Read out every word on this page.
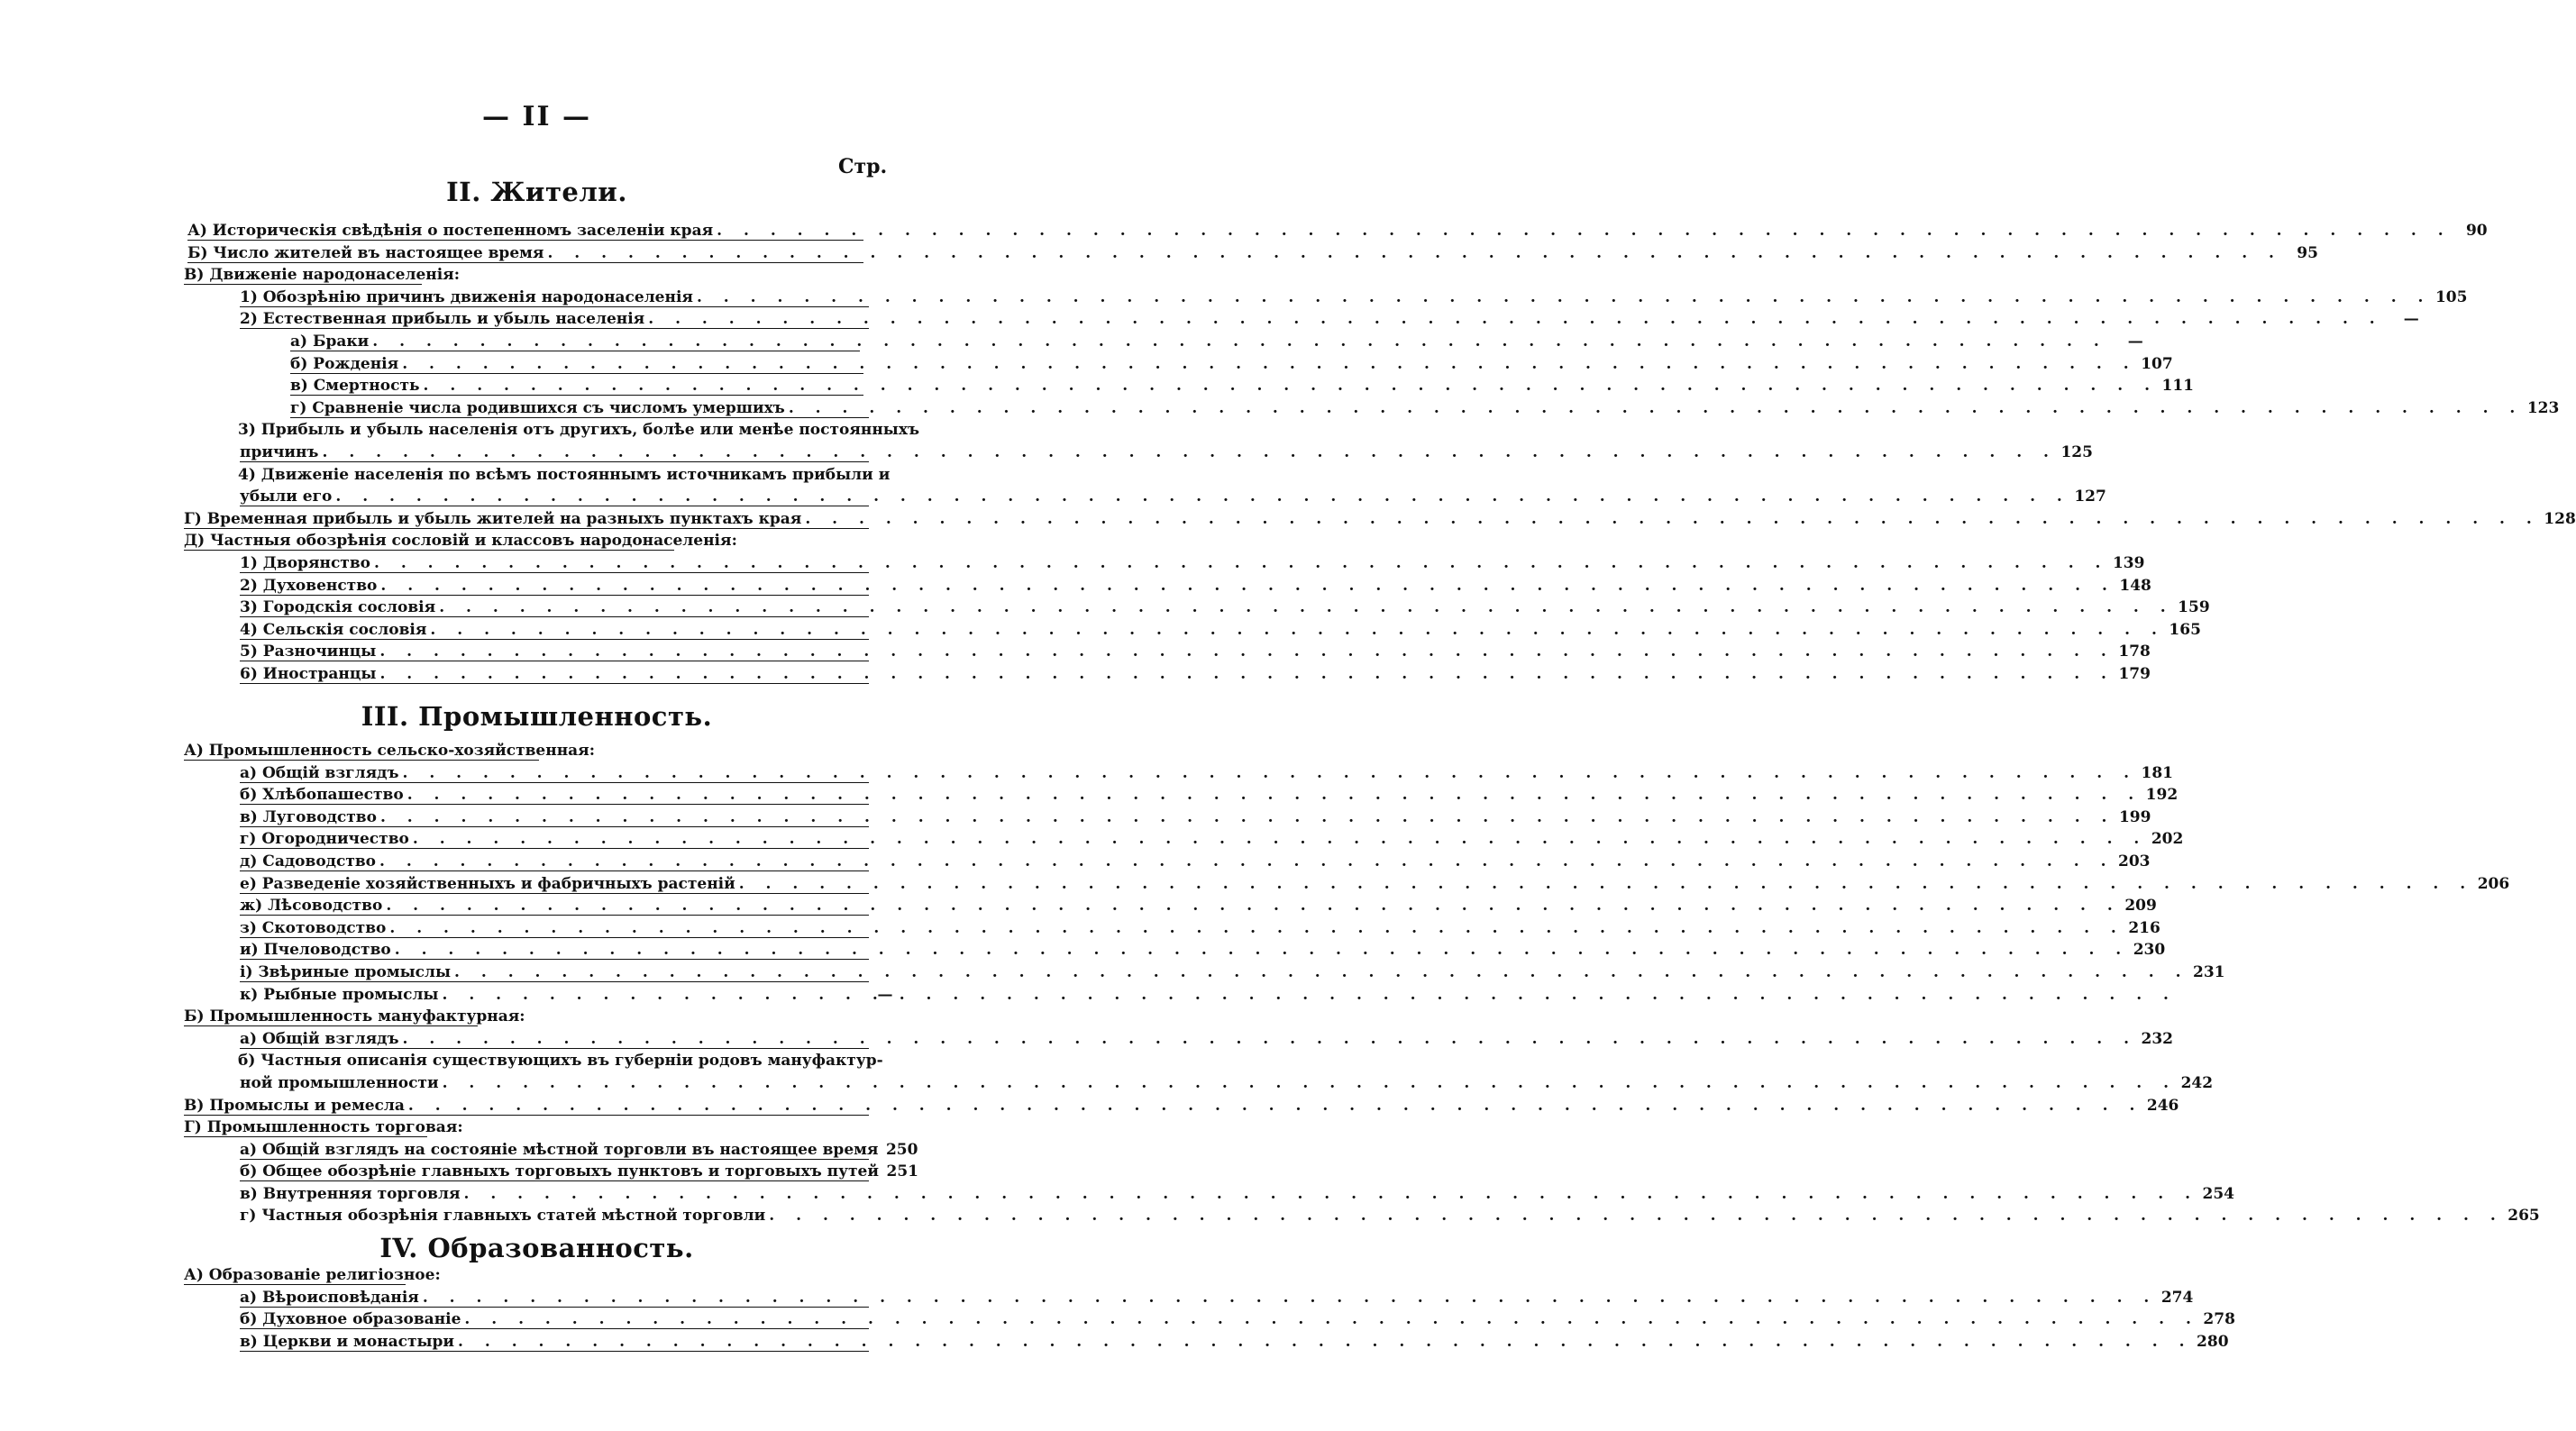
— II —
Стр.
II. Жители.
А) Историческія свѣдѣнія о постепенномъ заселеніи края . . .	90
Б) Число жителей въ настоящее время . . .	95
В) Движеніе народонаселенія:
1) Обозрѣнію причинъ движенія народонаселенія . . .	105
2) Естественная прибыль и убыль населенія . . .	—
а) Браки . . .	—
б) Рожденія . . .	107
в) Смертность . . .	111
г) Сравненіе числа родившихся съ числомъ умершихъ . . .	123
3) Прибыль и убыль населенія отъ другихъ, болѣе или менѣе постоянныхъ
причинъ . . .	125
4) Движеніе населенія по всѣмъ постояннымъ источникамъ прибыли и
убыли его . . .	127
Г) Временная прибыль и убыль жителей на разныхъ пунктахъ края . . .	128
Д) Частныя обозрѣнія сословій и классовъ народонаселенія:
1) Дворянство . . .	139
2) Духовенство . . .	148
3) Городскія сословія . . .	159
4) Сельскія сословія . . .	165
5) Разночинцы . . .	178
6) Иностранцы . . .	179
III. Промышленность.
А) Промышленность сельско-хозяйственная:
а) Общій взглядъ . . .	181
б) Хлѣбопашество . . .	192
в) Луговодство . . .	199
г) Огородничество . . .	202
д) Садоводство . . .	203
е) Разведеніе хозяйственныхъ и фабричныхъ растеній . . .	206
ж) Лѣсоводство . . .	209
з) Скотоводство . . .	216
и) Пчеловодство . . .	230
і) Звѣриные промыслы . . .	231
к) Рыбные промыслы . . .	—
Б) Промышленность мануфактурная:
а) Общій взглядъ . . .	232
б) Частныя описанія существующихъ въ губерніи родовъ мануфактур-
ной промышленности . . .	242
В) Промыслы и ремесла . . .	246
Г) Промышленность торговая:
а) Общій взглядъ на состояніе мѣстной торговли въ настоящее время 250
б) Общее обозрѣніе главныхъ торговыхъ пунктовъ и торговыхъ путей 251
в) Внутренняя торговля . . .	254
г) Частныя обозрѣнія главныхъ статей мѣстной торговли . . .	265
IV. Образованность.
А) Образованіе религіозное:
а) Вѣроисповѣданія . . .	274
б) Духовное образованіе . . .	278
в) Церкви и монастыри . . .	280
